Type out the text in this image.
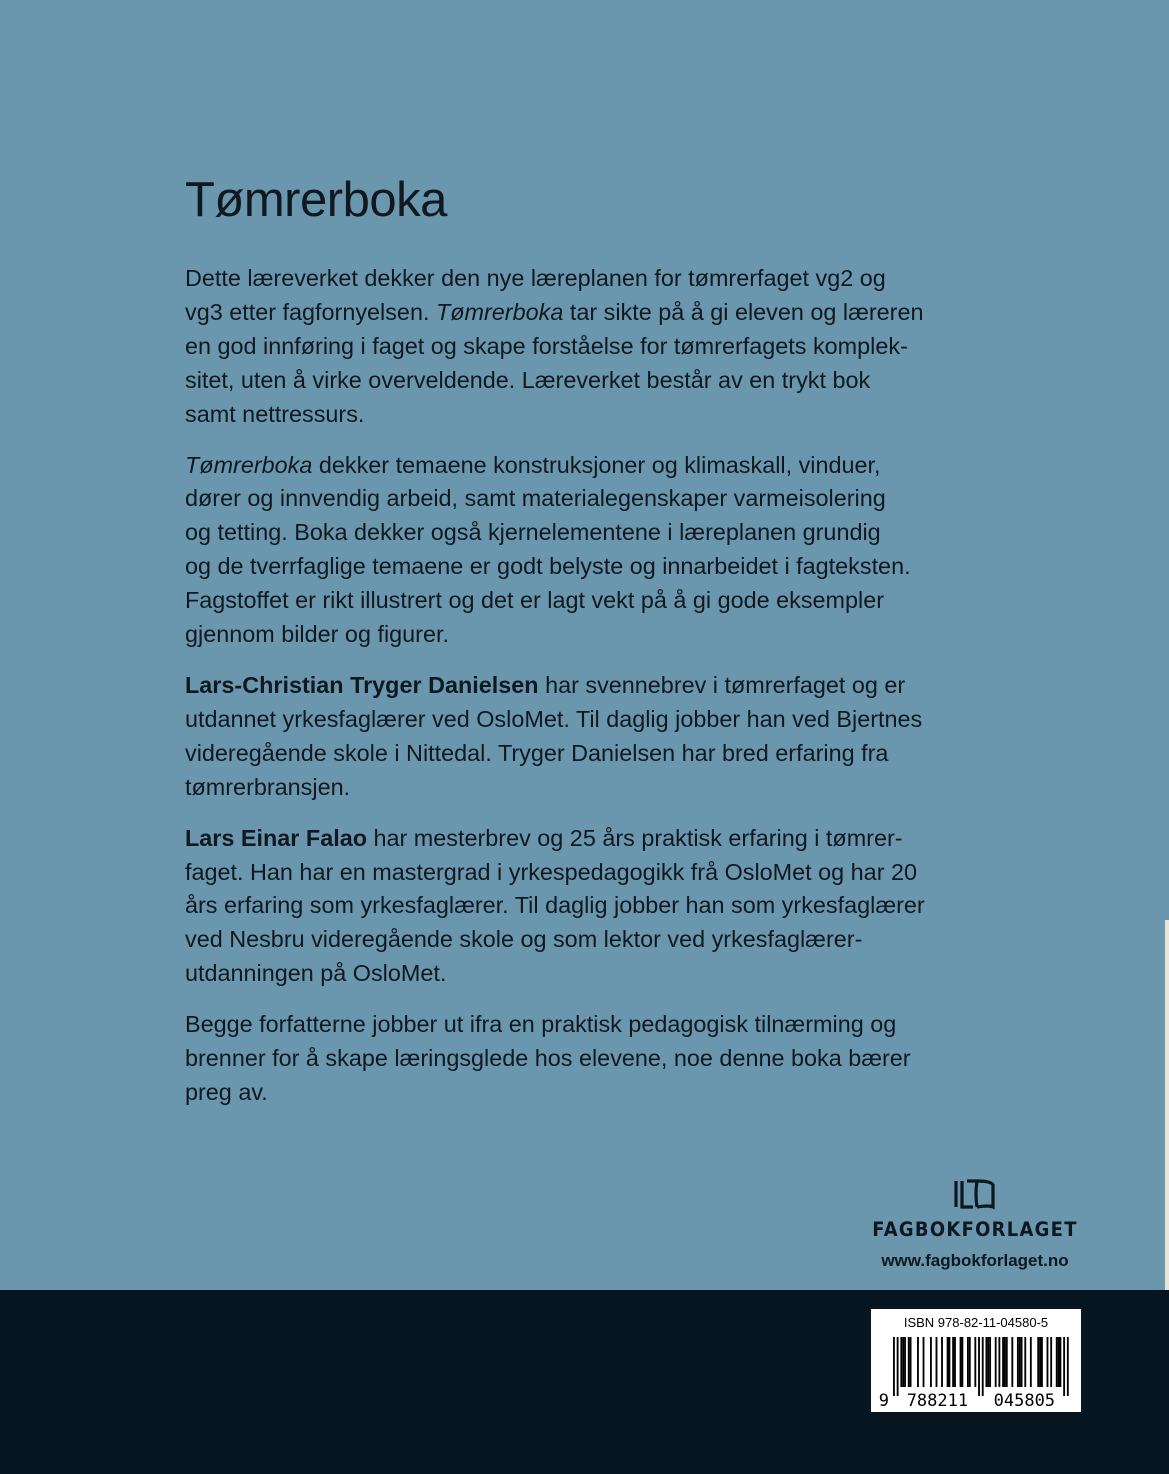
Tømrerboka

Dette læreverket dekker den nye læreplanen for tømrerfaget vg2 og
vg3 etter fagfornyelsen. Tømrerboka tar sikte på å gi eleven og læreren
en god innføring i faget og skape forståelse for tømrerfagets komplek-
sitet, uten å virke overveldende. Læreverket består av en trykt bok
samt nettressurs.

Tømrerboka dekker temaene konstruksjoner og klimaskall, vinduer,
dører og innvendig arbeid, samt materialegenskaper varmeisolering
og tetting. Boka dekker også kjernelementene i læreplanen grundig
og de tverrfaglige temaene er godt belyste og innarbeidet i fagteksten.
Fagstoffet er rikt illustrert og det er lagt vekt på å gi gode eksempler
gjennom bilder og figurer.

Lars-Christian Tryger Danielsen har svennebrev i tømrerfaget og er
utdannet yrkesfaglærer ved OsloMet. Til daglig jobber han ved Bjertnes
videregående skole i Nittedal. Tryger Danielsen har bred erfaring fra
tømrerbransjen.

Lars Einar Falao har mesterbrev og 25 års praktisk erfaring i tømrer-
faget. Han har en mastergrad i yrkespedagogikk frå OsloMet og har 20
års erfaring som yrkesfaglærer. Til daglig jobber han som yrkesfaglærer
ved Nesbru videregående skole og som lektor ved yrkesfaglærer-
utdanningen på OsloMet.

Begge forfatterne jobber ut ifra en praktisk pedagogisk tilnærming og
brenner for å skape læringsglede hos elevene, noe denne boka bærer
preg av.

FAGBOKFORLAGET
www.fagbokforlaget.no
ISBN 978-82-11-04580-5
9 788211 045805
